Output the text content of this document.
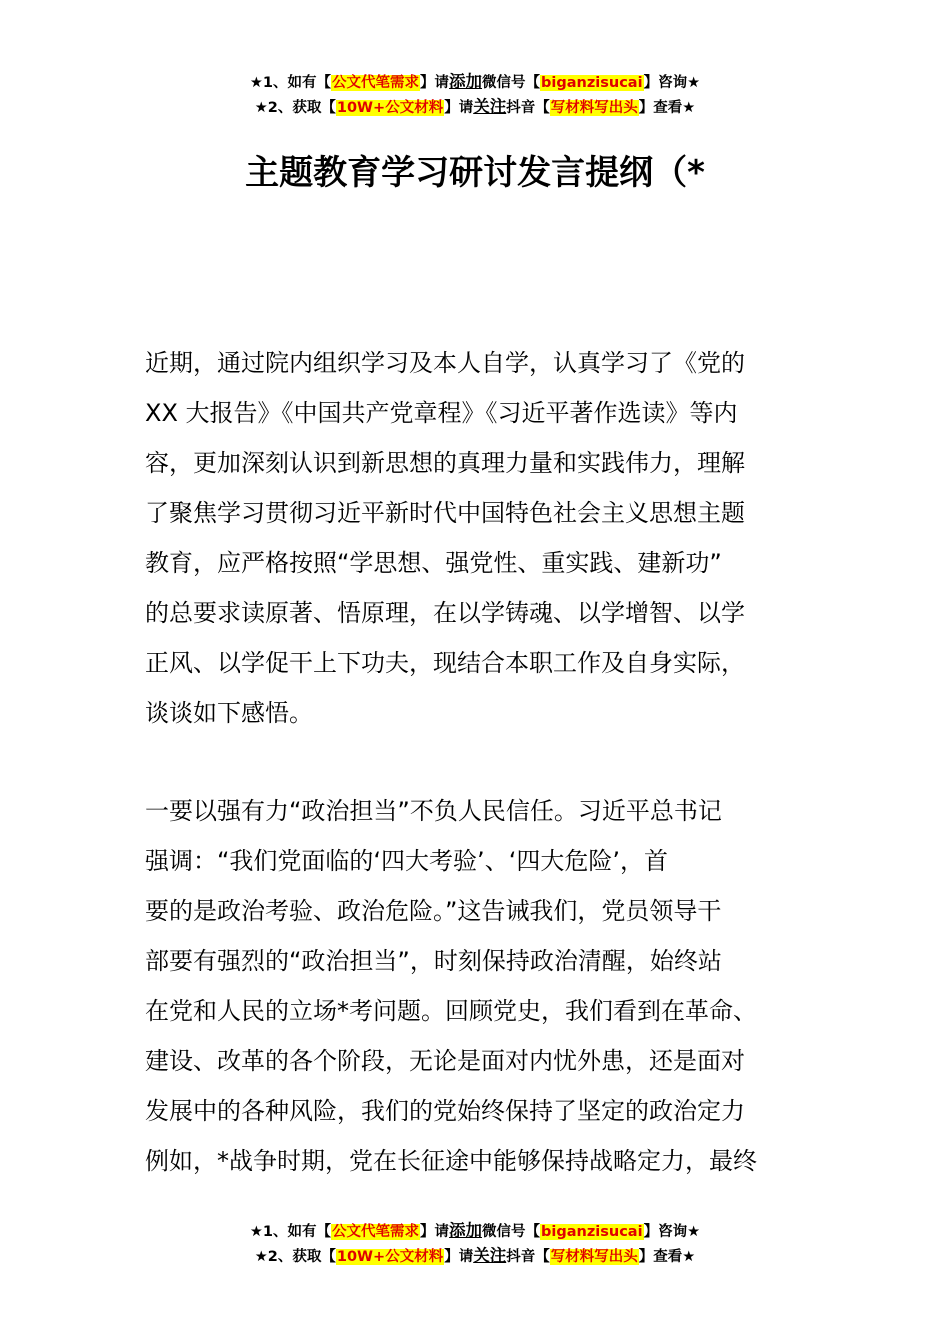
★1、如有【公文代笔需求】请添加微信号【biganzisucai】咨询★
★2、获取【10W+公文材料】请关注抖音【写材料写出头】查看★
主题教育学习研讨发言提纲（*
近期，通过院内组织学习及本人自学，认真学习了《党的
XX 大报告》《中国共产党章程》《习近平著作选读》等内
容，更加深刻认识到新思想的真理力量和实践伟力，理解
了聚焦学习贯彻习近平新时代中国特色社会主义思想主题
教育，应严格按照“学思想、强党性、重实践、建新功”
的总要求读原著、悟原理，在以学铸魂、以学增智、以学
正风、以学促干上下功夫，现结合本职工作及自身实际，
谈谈如下感悟。
一要以强有力“政治担当”不负人民信任。习近平总书记
强调：“我们党面临的‘四大考验’、‘四大危险’，首
要的是政治考验、政治危险。”这告诫我们，党员领导干
部要有强烈的“政治担当”，时刻保持政治清醒，始终站
在党和人民的立场*考问题。回顾党史，我们看到在革命、
建设、改革的各个阶段，无论是面对内忧外患，还是面对
发展中的各种风险，我们的党始终保持了坚定的政治定力
例如，*战争时期，党在长征途中能够保持战略定力，最终
★1、如有【公文代笔需求】请添加微信号【biganzisucai】咨询★
★2、获取【10W+公文材料】请关注抖音【写材料写出头】查看★
